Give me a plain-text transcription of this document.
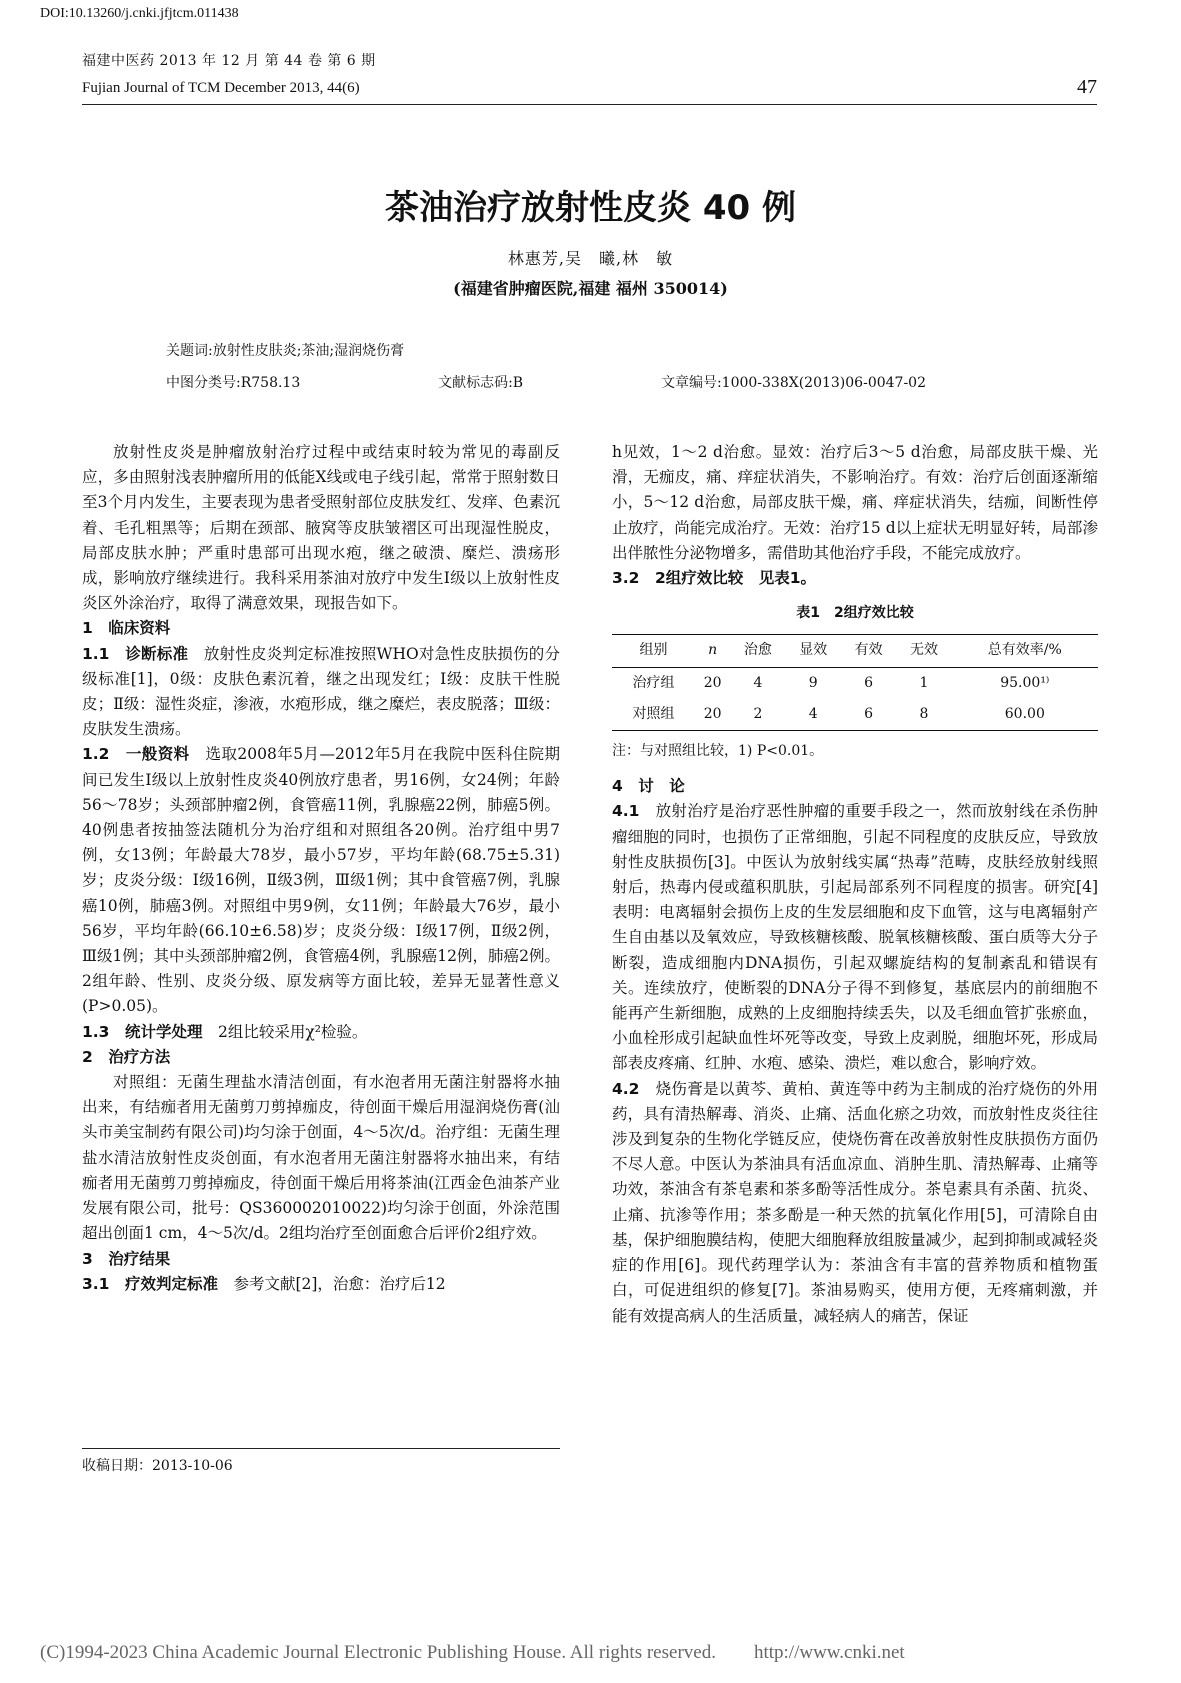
DOI:10.13260/j.cnki.jfjtcm.011438
福建中医药 2013 年 12 月 第 44 卷 第 6 期
Fujian Journal of TCM December 2013, 44(6)	47
茶油治疗放射性皮炎 40 例
林惠芳,吴　曦,林　敏
(福建省肿瘤医院,福建 福州 350014)
关题词:放射性皮肤炎;茶油;湿润烧伤膏
中图分类号:R758.13	文献标志码:B	文章编号:1000-338X(2013)06-0047-02

放射性皮炎是肿瘤放射治疗过程中或结束时较为常见的毒副反应，多由照射浅表肿瘤所用的低能X线或电子线引起，常常于照射数日至3个月内发生，主要表现为患者受照射部位皮肤发红、发痒、色素沉着、毛孔粗黑等；后期在颈部、腋窝等皮肤皱褶区可出现湿性脱皮，局部皮肤水肿；严重时患部可出现水疱，继之破溃、糜烂、溃疡形成，影响放疗继续进行。我科采用茶油对放疗中发生Ⅰ级以上放射性皮炎区外涂治疗，取得了满意效果，现报告如下。

1　临床资料

1.1　诊断标准　放射性皮炎判定标准按照WHO对急性皮肤损伤的分级标准[1]，0级：皮肤色素沉着，继之出现发红；Ⅰ级：皮肤干性脱皮；Ⅱ级：湿性炎症，渗液，水疱形成，继之糜烂，表皮脱落；Ⅲ级：皮肤发生溃疡。

1.2　一般资料　选取2008年5月—2012年5月在我院中医科住院期间已发生Ⅰ级以上放射性皮炎40例放疗患者，男16例，女24例；年龄56～78岁；头颈部肿瘤2例，食管癌11例，乳腺癌22例，肺癌5例。40例患者按抽签法随机分为治疗组和对照组各20例。治疗组中男7例，女13例；年龄最大78岁，最小57岁，平均年龄(68.75±5.31)岁；皮炎分级：Ⅰ级16例，Ⅱ级3例，Ⅲ级1例；其中食管癌7例，乳腺癌10例，肺癌3例。对照组中男9例，女11例；年龄最大76岁，最小56岁，平均年龄(66.10±6.58)岁；皮炎分级：Ⅰ级17例，Ⅱ级2例，Ⅲ级1例；其中头颈部肿瘤2例，食管癌4例，乳腺癌12例，肺癌2例。2组年龄、性别、皮炎分级、原发病等方面比较，差异无显著性意义(P>0.05)。

1.3　统计学处理　2组比较采用χ²检验。

2　治疗方法

对照组：无菌生理盐水清洁创面，有水泡者用无菌注射器将水抽出来，有结痂者用无菌剪刀剪掉痂皮，待创面干燥后用湿润烧伤膏(汕头市美宝制药有限公司)均匀涂于创面，4～5次/d。治疗组：无菌生理盐水清洁放射性皮炎创面，有水泡者用无菌注射器将水抽出来，有结痂者用无菌剪刀剪掉痂皮，待创面干燥后用将茶油(江西金色油茶产业发展有限公司，批号：QS360002010022)均匀涂于创面，外涂范围超出创面1 cm，4～5次/d。2组均治疗至创面愈合后评价2组疗效。

3　治疗结果

3.1　疗效判定标准　参考文献[2]，治愈：治疗后12

收稿日期：2013-10-06

h见效，1～2 d治愈。显效：治疗后3～5 d治愈，局部皮肤干燥、光滑，无痂皮，痛、痒症状消失，不影响治疗。有效：治疗后创面逐渐缩小，5～12 d治愈，局部皮肤干燥，痛、痒症状消失，结痂，间断性停止放疗，尚能完成治疗。无效：治疗15 d以上症状无明显好转，局部渗出伴脓性分泌物增多，需借助其他治疗手段，不能完成放疗。

3.2　2组疗效比较　见表1。

表1　2组疗效比较
组别	n	治愈	显效	有效	无效	总有效率/%
治疗组	20	4	9	6	1	95.00¹⁾
对照组	20	2	4	6	8	60.00
注：与对照组比较，1) P<0.01。

4　讨　论

4.1　放射治疗是治疗恶性肿瘤的重要手段之一，然而放射线在杀伤肿瘤细胞的同时，也损伤了正常细胞，引起不同程度的皮肤反应，导致放射性皮肤损伤[3]。中医认为放射线实属“热毒”范畴，皮肤经放射线照射后，热毒内侵或蕴积肌肤，引起局部系列不同程度的损害。研究[4]表明：电离辐射会损伤上皮的生发层细胞和皮下血管，这与电离辐射产生自由基以及氧效应，导致核糖核酸、脱氧核糖核酸、蛋白质等大分子断裂，造成细胞内DNA损伤，引起双螺旋结构的复制紊乱和错误有关。连续放疗，使断裂的DNA分子得不到修复，基底层内的前细胞不能再产生新细胞，成熟的上皮细胞持续丢失，以及毛细血管扩张瘀血，小血栓形成引起缺血性坏死等改变，导致上皮剥脱，细胞坏死，形成局部表皮疼痛、红肿、水疱、感染、溃烂，难以愈合，影响疗效。

4.2　烧伤膏是以黄芩、黄柏、黄连等中药为主制成的治疗烧伤的外用药，具有清热解毒、消炎、止痛、活血化瘀之功效，而放射性皮炎往往涉及到复杂的生物化学链反应，使烧伤膏在改善放射性皮肤损伤方面仍不尽人意。中医认为茶油具有活血凉血、消肿生肌、清热解毒、止痛等功效，茶油含有茶皂素和茶多酚等活性成分。茶皂素具有杀菌、抗炎、止痛、抗渗等作用；茶多酚是一种天然的抗氧化作用[5]，可清除自由基，保护细胞膜结构，使肥大细胞释放组胺量减少，起到抑制或减轻炎症的作用[6]。现代药理学认为：茶油含有丰富的营养物质和植物蛋白，可促进组织的修复[7]。茶油易购买，使用方便，无疼痛刺激，并能有效提高病人的生活质量，减轻病人的痛苦，保证

(C)1994-2023 China Academic Journal Electronic Publishing House. All rights reserved.　　http://www.cnki.net
